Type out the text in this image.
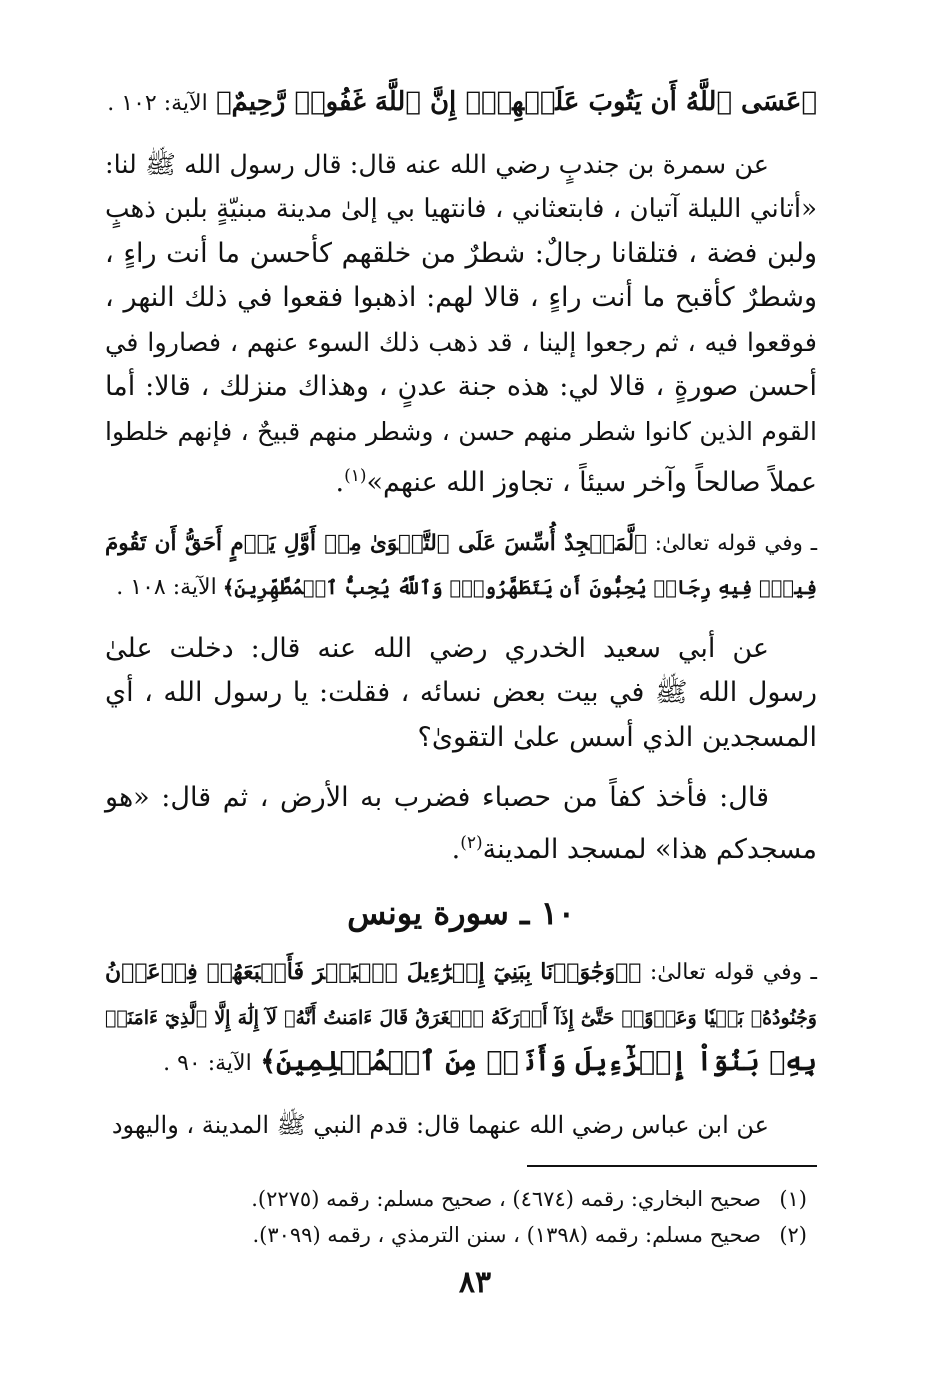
﴿عَسَى ٱللَّهُ أَن يَتُوبَ عَلَيۡهِمۡۚ إِنَّ ٱللَّهَ غَفُورٞ رَّحِيمٌ﴾ الآية: ١٠٢ .
عن سمرة بن جندبٍ رضي الله عنه قال: قال رسول الله ﷺ لنا:
«أتاني الليلة آتيان ، فابتعثاني ، فانتهيا بي إلىٰ مدينة مبنيّةٍ بلبن ذهبٍ
ولبن فضة ، فتلقانا رجالٌ: شطرٌ من خلقهم كأحسن ما أنت راءٍ ،
وشطرٌ كأقبح ما أنت راءٍ ، قالا لهم: اذهبوا فقعوا في ذلك النهر ،
فوقعوا فيه ، ثم رجعوا إلينا ، قد ذهب ذلك السوء عنهم ، فصاروا في
أحسن صورةٍ ، قالا لي: هذه جنة عدنٍ ، وهذاك منزلك ، قالا: أما
القوم الذين كانوا شطر منهم حسن ، وشطر منهم قبيحٌ ، فإنهم خلطوا
عملاً صالحاً وآخر سيئاً ، تجاوز الله عنهم»$^{(١)}$.
ـ وفي قوله تعالىٰ: ﴿لَّمَسۡجِدٌ أُسِّسَ عَلَى ٱلتَّقۡوَىٰ مِنۡ أَوَّلِ يَوۡمٍ أَحَقُّ أَن تَقُومَ
فِيهِۚ فِيهِ رِجَالٞ يُحِبُّونَ أَن يَتَطَهَّرُواْۚ وَٱللَّهُ يُحِبُّ ٱلۡمُطَّهِّرِينَ﴾ الآية: ١٠٨ .
عن أبي سعيد الخدري رضي الله عنه قال: دخلت علىٰ
رسول الله ﷺ في بيت بعض نسائه ، فقلت: يا رسول الله ، أي
المسجدين الذي أسس علىٰ التقوىٰ؟
قال: فأخذ كفاً من حصباء فضرب به الأرض ، ثم قال: «هو
مسجدكم هذا» لمسجد المدينة$^{(٢)}$.
١٠ ـ سورة يونس
ـ وفي قوله تعالىٰ: ﴿۞وَجَٰوَزۡنَا بِبَنِيٓ إِسۡرَٰٓءِيلَ ٱلۡبَحۡرَ فَأَتۡبَعَهُمۡ فِرۡعَوۡنُ
وَجُنُودُهُۥ بَغۡيٗا وَعَدۡوًاۖ حَتَّىٰٓ إِذَآ أَدۡرَكَهُ ٱلۡغَرَقُ قَالَ ءَامَنتُ أَنَّهُۥ لَآ إِلَٰهَ إِلَّا ٱلَّذِيٓ ءَامَنَتۡ
بِهِۦ بَنُوٓاْ إِسۡرَٰٓءِيلَ وَأَنَا۠ مِنَ ٱلۡمُسۡلِمِينَ﴾ الآية: ٩٠ .
عن ابن عباس رضي الله عنهما قال: قدم النبي ﷺ المدينة ، واليهود
(١)صحيح البخاري: رقمه (٤٦٧٤) ، صحيح مسلم: رقمه (٢٢٧٥).
(٢)صحيح مسلم: رقمه (١٣٩٨) ، سنن الترمذي ، رقمه (٣٠٩٩).
٨٣
